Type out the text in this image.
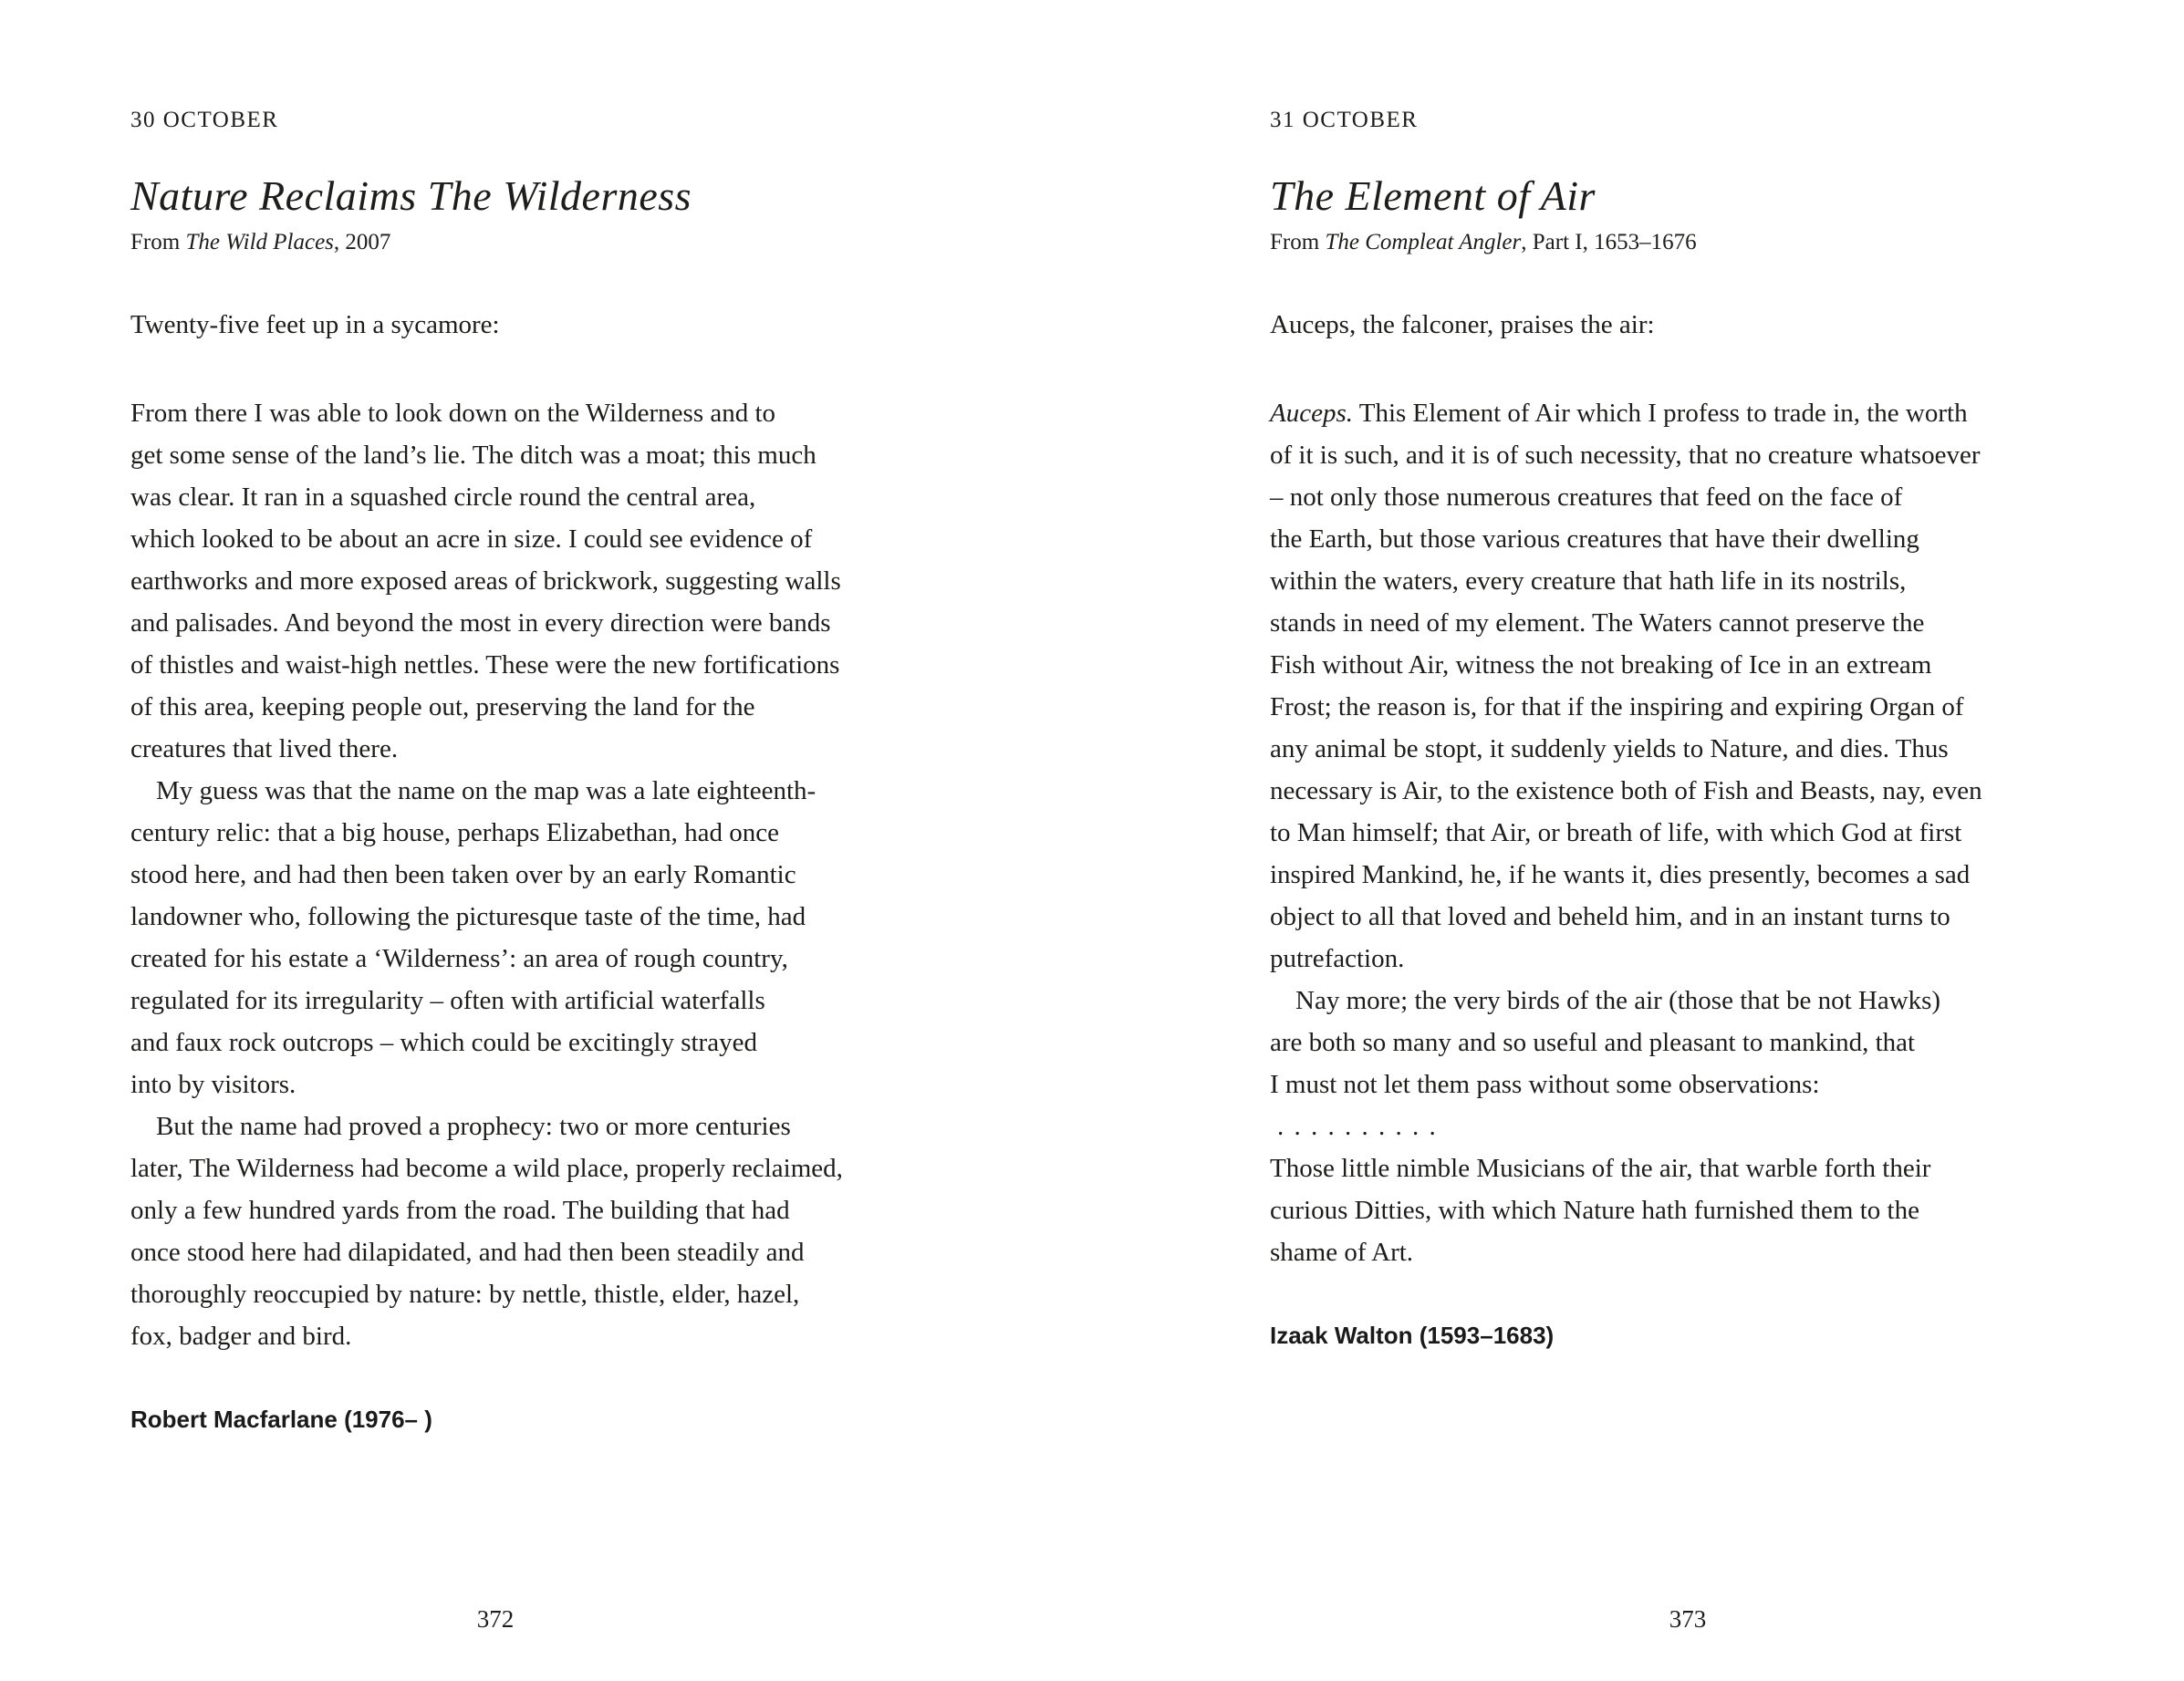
30 OCTOBER
Nature Reclaims The Wilderness
From The Wild Places, 2007
Twenty-five feet up in a sycamore:
From there I was able to look down on the Wilderness and to
get some sense of the land’s lie. The ditch was a moat; this much
was clear. It ran in a squashed circle round the central area,
which looked to be about an acre in size. I could see evidence of
earthworks and more exposed areas of brickwork, suggesting walls
and palisades. And beyond the most in every direction were bands
of thistles and waist-high nettles. These were the new fortifications
of this area, keeping people out, preserving the land for the
creatures that lived there.
My guess was that the name on the map was a late eighteenth-
century relic: that a big house, perhaps Elizabethan, had once
stood here, and had then been taken over by an early Romantic
landowner who, following the picturesque taste of the time, had
created for his estate a ‘Wilderness’: an area of rough country,
regulated for its irregularity – often with artificial waterfalls
and faux rock outcrops – which could be excitingly strayed
into by visitors.
But the name had proved a prophecy: two or more centuries
later, The Wilderness had become a wild place, properly reclaimed,
only a few hundred yards from the road. The building that had
once stood here had dilapidated, and had then been steadily and
thoroughly reoccupied by nature: by nettle, thistle, elder, hazel,
fox, badger and bird.
Robert Macfarlane (1976– )
372
31 OCTOBER
The Element of Air
From The Compleat Angler, Part I, 1653–1676
Auceps, the falconer, praises the air:
Auceps. This Element of Air which I profess to trade in, the worth
of it is such, and it is of such necessity, that no creature whatsoever
– not only those numerous creatures that feed on the face of
the Earth, but those various creatures that have their dwelling
within the waters, every creature that hath life in its nostrils,
stands in need of my element. The Waters cannot preserve the
Fish without Air, witness the not breaking of Ice in an extream
Frost; the reason is, for that if the inspiring and expiring Organ of
any animal be stopt, it suddenly yields to Nature, and dies. Thus
necessary is Air, to the existence both of Fish and Beasts, nay, even
to Man himself; that Air, or breath of life, with which God at first
inspired Mankind, he, if he wants it, dies presently, becomes a sad
object to all that loved and beheld him, and in an instant turns to
putrefaction.
Nay more; the very birds of the air (those that be not Hawks)
are both so many and so useful and pleasant to mankind, that
I must not let them pass without some observations:
. . . . . . . . . .
Those little nimble Musicians of the air, that warble forth their
curious Ditties, with which Nature hath furnished them to the
shame of Art.
Izaak Walton (1593–1683)
373
